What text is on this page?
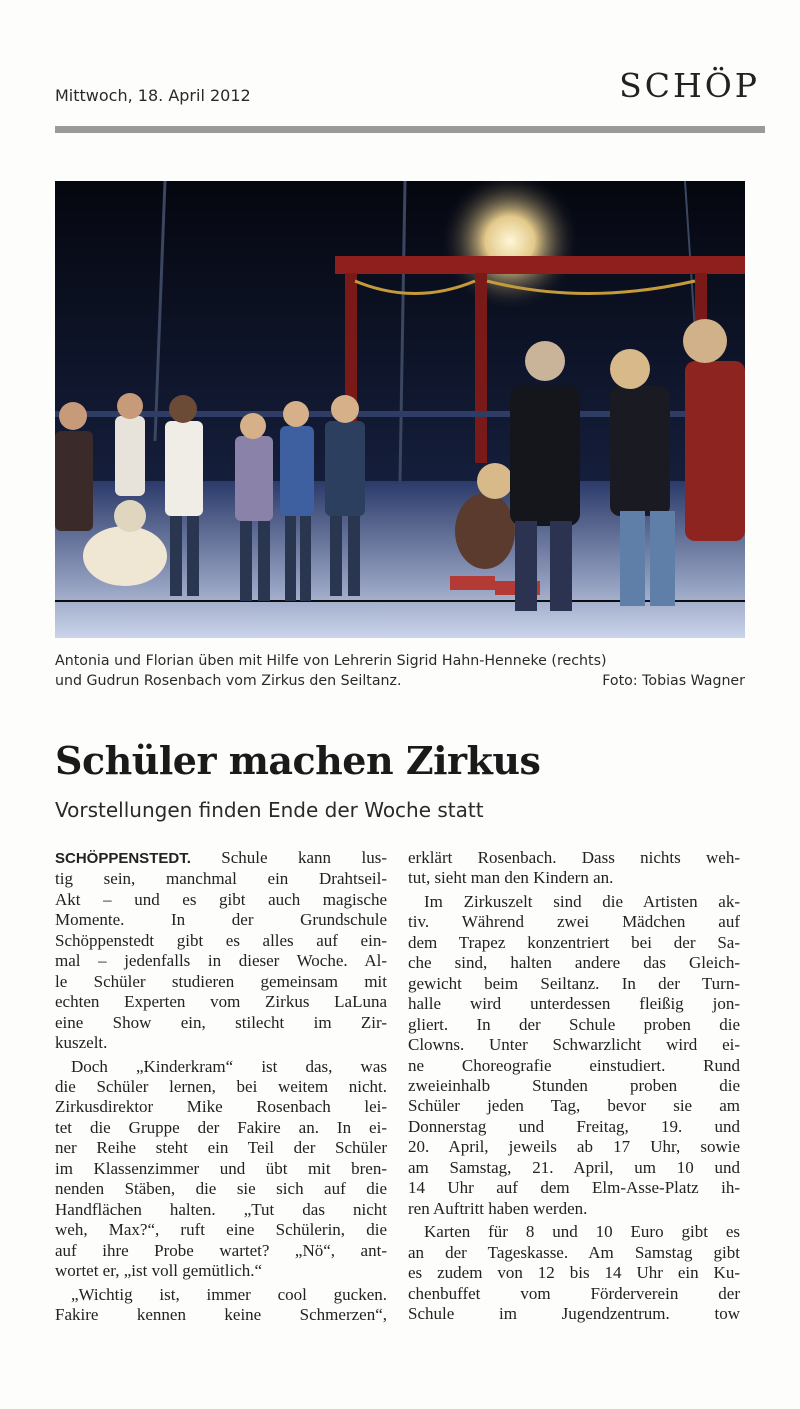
Mittwoch, 18. April 2012	SCHÖP
Antonia und Florian üben mit Hilfe von Lehrerin Sigrid Hahn-Henneke (rechts)
und Gudrun Rosenbach vom Zirkus den Seiltanz.	Foto: Tobias Wagner
Schüler machen Zirkus
Vorstellungen finden Ende der Woche statt

SCHÖPPENSTEDT. Schule kann lus-
tig sein, manchmal ein Drahtseil-
Akt – und es gibt auch magische
Momente. In der Grundschule
Schöppenstedt gibt es alles auf ein-
mal – jedenfalls in dieser Woche. Al-
le Schüler studieren gemeinsam mit
echten Experten vom Zirkus LaLuna
eine Show ein, stilecht im Zir-
kuszelt.

Doch „Kinderkram“ ist das, was
die Schüler lernen, bei weitem nicht.
Zirkusdirektor Mike Rosenbach lei-
tet die Gruppe der Fakire an. In ei-
ner Reihe steht ein Teil der Schüler
im Klassenzimmer und übt mit bren-
nenden Stäben, die sie sich auf die
Handflächen halten. „Tut das nicht
weh, Max?“, ruft eine Schülerin, die
auf ihre Probe wartet? „Nö“, ant-
wortet er, „ist voll gemütlich.“

„Wichtig ist, immer cool gucken.
Fakire kennen keine Schmerzen“,

erklärt Rosenbach. Dass nichts weh-
tut, sieht man den Kindern an.

Im Zirkuszelt sind die Artisten ak-
tiv. Während zwei Mädchen auf
dem Trapez konzentriert bei der Sa-
che sind, halten andere das Gleich-
gewicht beim Seiltanz. In der Turn-
halle wird unterdessen fleißig jon-
gliert. In der Schule proben die
Clowns. Unter Schwarzlicht wird ei-
ne Choreografie einstudiert. Rund
zweieinhalb Stunden proben die
Schüler jeden Tag, bevor sie am
Donnerstag und Freitag, 19. und
20. April, jeweils ab 17 Uhr, sowie
am Samstag, 21. April, um 10 und
14 Uhr auf dem Elm-Asse-Platz ih-
ren Auftritt haben werden.

Karten für 8 und 10 Euro gibt es
an der Tageskasse. Am Samstag gibt
es zudem von 12 bis 14 Uhr ein Ku-
chenbuffet vom Förderverein der
Schule im Jugendzentrum. tow
